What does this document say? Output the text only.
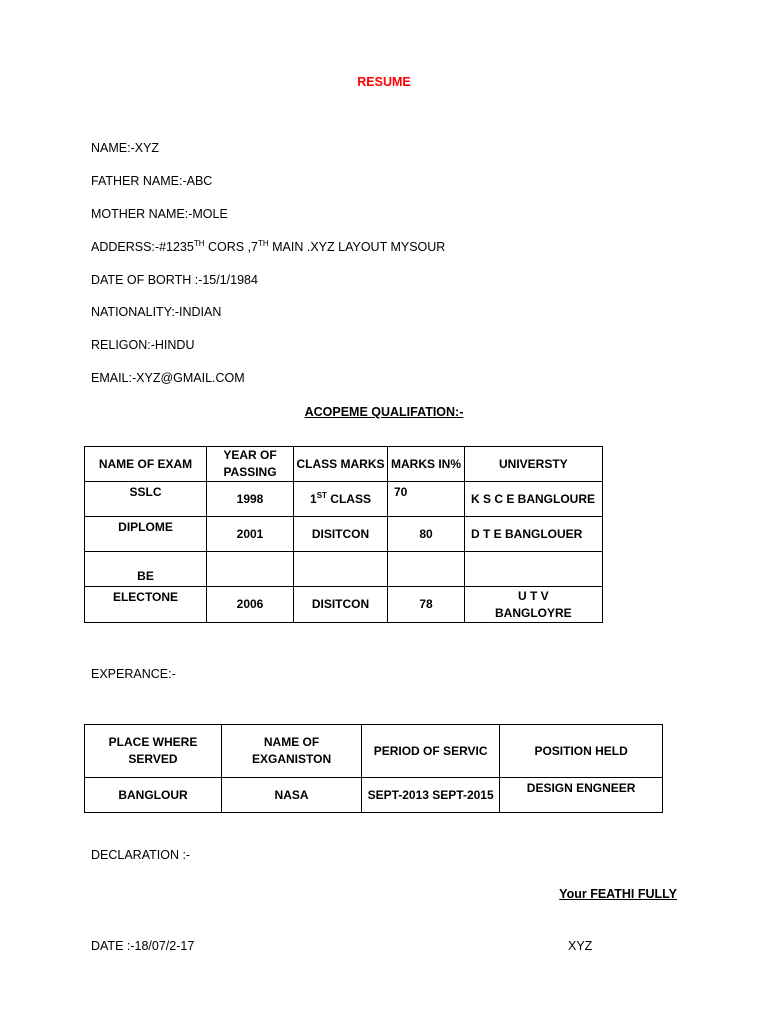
RESUME
NAME:-XYZ
FATHER NAME:-ABC
MOTHER NAME:-MOLE
ADDERSS:-#1235TH CORS ,7TH MAIN .XYZ LAYOUT MYSOUR
DATE OF BORTH :-15/1/1984
NATIONALITY:-INDIAN
RELIGON:-HINDU
EMAIL:-XYZ@GMAIL.COM
ACOPEME QUALIFATION:-
NAME OF EXAM	YEAR OF PASSING	CLASS MARKS	MARKS IN%	UNIVERSTY
SSLC	1998	1ST CLASS	70	K S C E BANGLOURE
DIPLOME	2001	DISITCON	80	D T E BANGLOUER
BE				
ELECTONE	2006	DISITCON	78	U T V BANGLOYRE
EXPERANCE:-
PLACE WHERE SERVED	NAME OF EXGANISTON	PERIOD OF SERVIC	POSITION HELD
BANGLOUR	NASA	SEPT-2013 SEPT-2015	DESIGN ENGNEER
DECLARATION :-
Your FEATHI FULLY
DATE :-18/07/2-17	XYZ
